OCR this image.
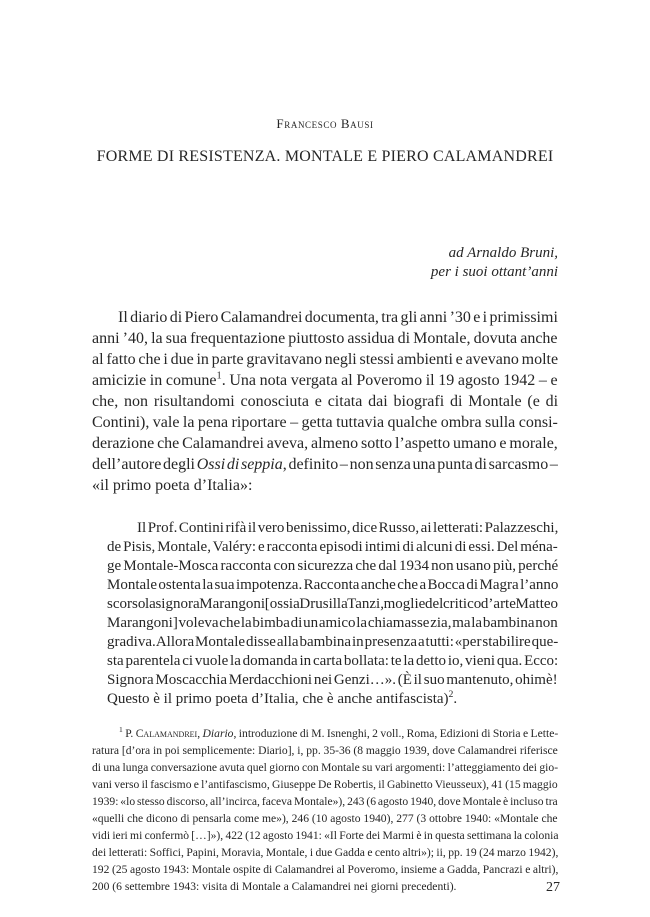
Francesco Bausi
FORME DI RESISTENZA. MONTALE E PIERO CALAMANDREI
ad Arnaldo Bruni,
per i suoi ottant’anni
Il diario di Piero Calamandrei documenta, tra gli anni ’30 e i primissimi
anni ’40, la sua frequentazione piuttosto assidua di Montale, dovuta anche
al fatto che i due in parte gravitavano negli stessi ambienti e avevano molte
amicizie in comune$^1$. Una nota vergata al Poveromo il 19 agosto 1942 – e
che, non risultandomi conosciuta e citata dai biografi di Montale (e di
Contini), vale la pena riportare – getta tuttavia qualche ombra sulla consi-
derazione che Calamandrei aveva, almeno sotto l’aspetto umano e morale,
dell’autore degli Ossi di seppia, definito – non senza una punta di sarcasmo –
«il primo poeta d’Italia»:
Il Prof. Contini rifà il vero benissimo, dice Russo, ai letterati: Palazzeschi,
de Pisis, Montale, Valéry: e racconta episodi intimi di alcuni di essi. Del ména-
ge Montale-Mosca racconta con sicurezza che dal 1934 non usano più, perché
Montale ostenta la sua impotenza. Racconta anche che a Bocca di Magra l’anno
scorso la signora Marangoni [ossia Drusilla Tanzi, moglie del critico d’arte Matteo
Marangoni] voleva che la bimba di un amico la chiamasse zia, ma la bambina non
gradiva. Allora Montale disse alla bambina in presenza a tutti: «per stabilire que-
sta parentela ci vuole la domanda in carta bollata: te la detto io, vieni qua. Ecco:
Signora Moscacchia Merdacchioni nei Genzi…». (È il suo mantenuto, ohimè!
Questo è il primo poeta d’Italia, che è anche antifascista)$^2$.
$^1$ P. Calamandrei, Diario, introduzione di M. Isnenghi, 2 voll., Roma, Edizioni di Storia e Lette-
ratura [d’ora in poi semplicemente: Diario], i, pp. 35-36 (8 maggio 1939, dove Calamandrei riferisce
di una lunga conversazione avuta quel giorno con Montale su vari argomenti: l’atteggiamento dei gio-
vani verso il fascismo e l’antifascismo, Giuseppe De Robertis, il Gabinetto Vieusseux), 41 (15 maggio
1939: «lo stesso discorso, all’incirca, faceva Montale»), 243 (6 agosto 1940, dove Montale è incluso tra
«quelli che dicono di pensarla come me»), 246 (10 agosto 1940), 277 (3 ottobre 1940: «Montale che
vidi ieri mi confermò […]»), 422 (12 agosto 1941: «Il Forte dei Marmi è in questa settimana la colonia
dei letterati: Soffici, Papini, Moravia, Montale, i due Gadda e cento altri»); ii, pp. 19 (24 marzo 1942),
192 (25 agosto 1943: Montale ospite di Calamandrei al Poveromo, insieme a Gadda, Pancrazi e altri),
200 (6 settembre 1943: visita di Montale a Calamandrei nei giorni precedenti).	27
